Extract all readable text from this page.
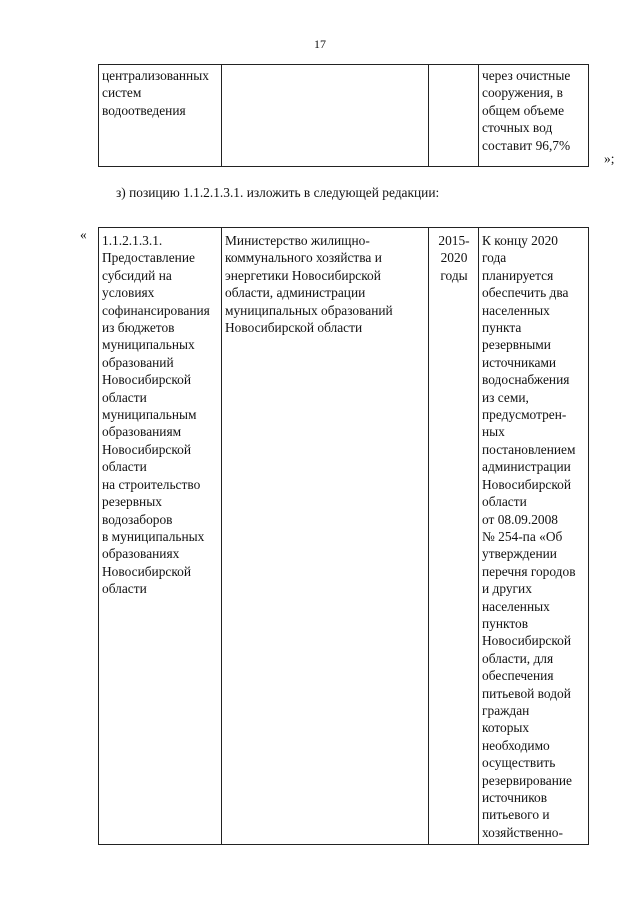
17
централизованных
систем
водоотведения			через очистные
сооружения, в
общем объеме
сточных вод
составит 96,7%
»;
з) позицию 1.1.2.1.3.1. изложить в следующей редакции:
« 1.1.2.1.3.1.
Предоставление
субсидий на
условиях
софинансирования
из бюджетов
муниципальных
образований
Новосибирской
области
муниципальным
образованиям
Новосибирской
области
на строительство
резервных
водозаборов
в муниципальных
образованиях
Новосибирской
области	Министерство жилищно-
коммунального хозяйства и
энергетики Новосибирской
области, администрации
муниципальных образований
Новосибирской области	2015-
2020
годы	К концу 2020
года
планируется
обеспечить два
населенных
пункта
резервными
источниками
водоснабжения
из семи,
предусмотрен-
ных
постановлением
администрации
Новосибирской
области
от 08.09.2008
№ 254-па «Об
утверждении
перечня городов
и других
населенных
пунктов
Новосибирской
области, для
обеспечения
питьевой водой
граждан
которых
необходимо
осуществить
резервирование
источников
питьевого и
хозяйственно-
